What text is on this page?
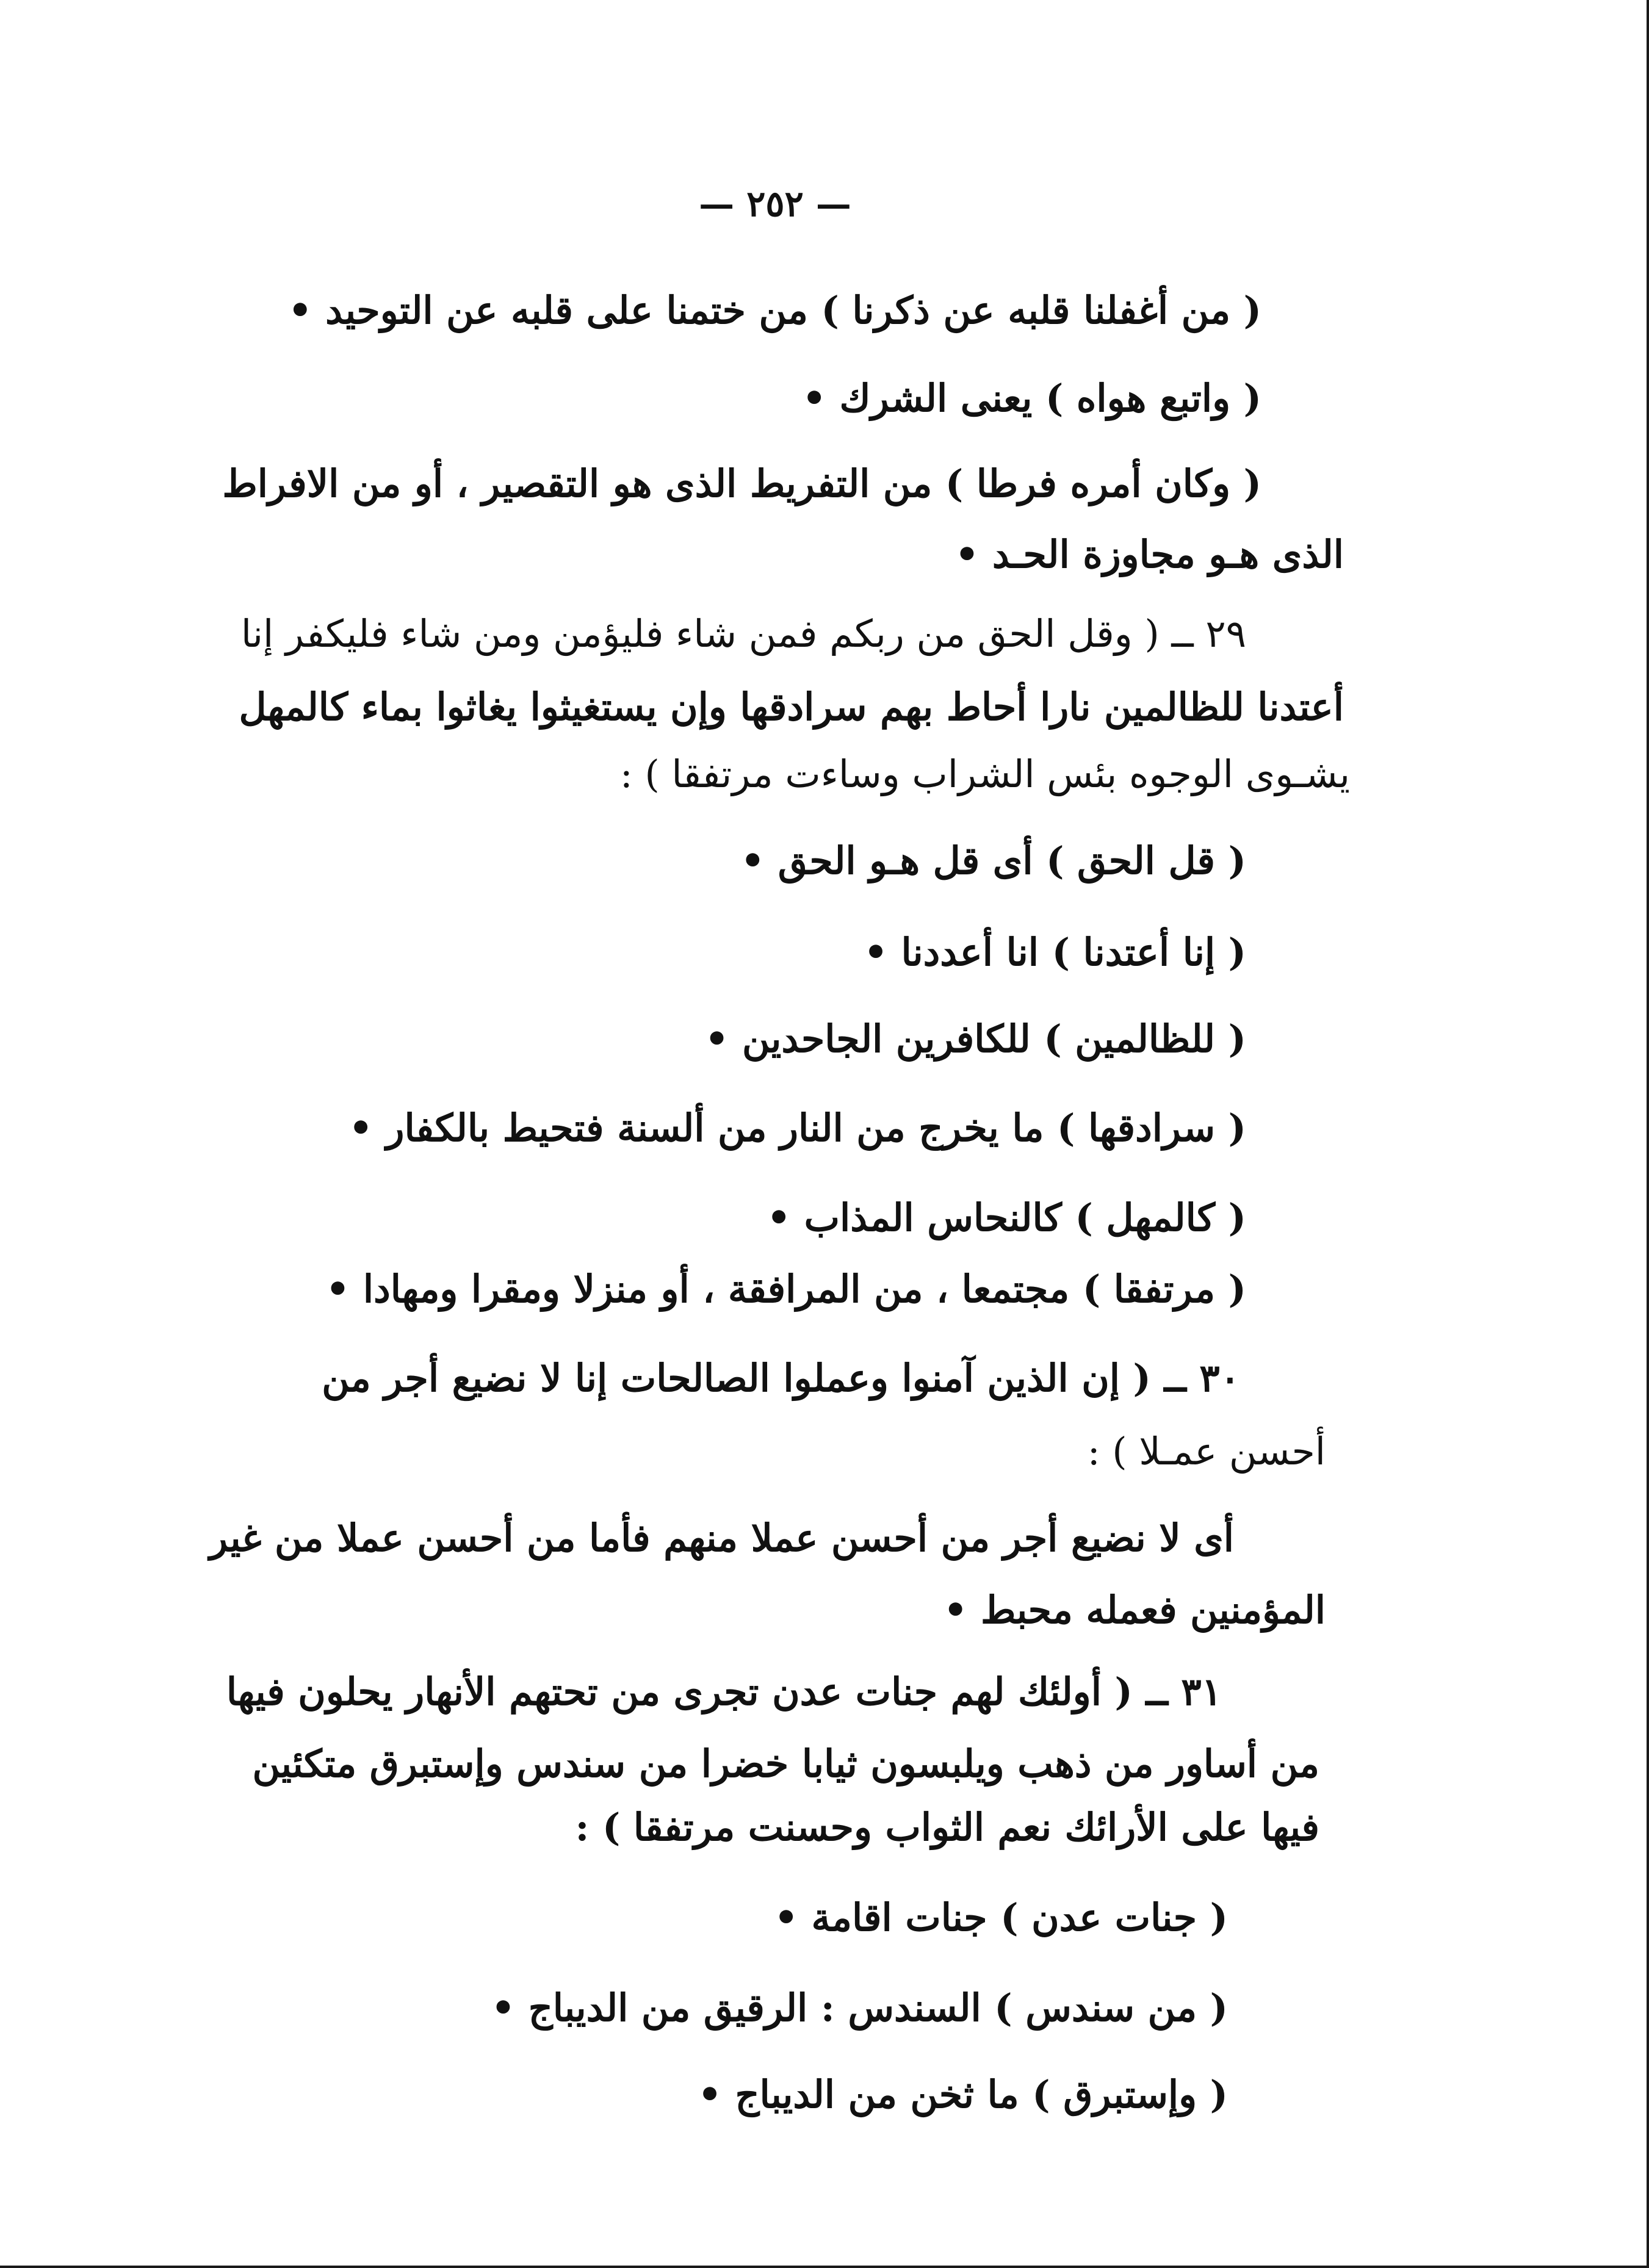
— ٢٥٢ —
( من أغفلنا قلبه عن ذكرنا ) من ختمنا على قلبه عن التوحيد •
( واتبع هواه ) يعنى الشرك •
( وكان أمره فرطا ) من التفريط الذى هو التقصير ، أو من الافراط
الذى هـو مجاوزة الحـد •
٢٩ ــ ( وقل الحق من ربكم فمن شاء فليؤمن ومن شاء فليكفر إنا
أعتدنا للظالمين نارا أحاط بهم سرادقها وإن يستغيثوا يغاثوا بماء كالمهل
يشـوى الوجوه بئس الشراب وساءت مرتفقا ) :
( قل الحق ) أى قل هـو الحق •
( إنا أعتدنا ) انا أعددنا •
( للظالمين ) للكافرين الجاحدين •
( سرادقها ) ما يخرج من النار من ألسنة فتحيط بالكفار •
( كالمهل ) كالنحاس المذاب •
( مرتفقا ) مجتمعا ، من المرافقة ، أو منزلا ومقرا ومهادا •
٣٠ ــ ( إن الذين آمنوا وعملوا الصالحات إنا لا نضيع أجر من
أحسن عمـلا ) :
أى لا نضيع أجر من أحسن عملا منهم فأما من أحسن عملا من غير
المؤمنين فعمله محبط •
٣١ ــ ( أولئك لهم جنات عدن تجرى من تحتهم الأنهار يحلون فيها
من أساور من ذهب ويلبسون ثيابا خضرا من سندس وإستبرق متكئين
فيها على الأرائك نعم الثواب وحسنت مرتفقا ) :
( جنات عدن ) جنات اقامة •
( من سندس ) السندس : الرقيق من الديباج •
( وإستبرق ) ما ثخن من الديباج •
